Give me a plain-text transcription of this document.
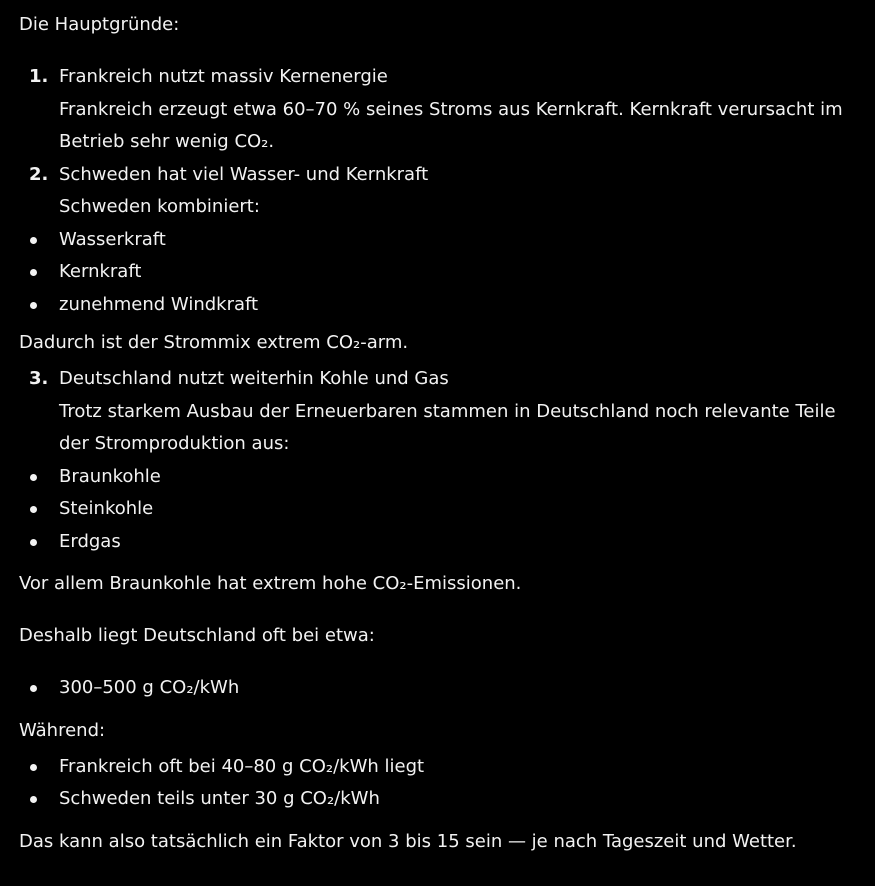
Die Hauptgründe:

1. Frankreich nutzt massiv Kernenergie
Frankreich erzeugt etwa 60–70 % seines Stroms aus Kernkraft. Kernkraft verursacht im Betrieb sehr wenig CO₂.
2. Schweden hat viel Wasser- und Kernkraft
Schweden kombiniert:
Wasserkraft
Kernkraft
zunehmend Windkraft

Dadurch ist der Strommix extrem CO₂-arm.

3. Deutschland nutzt weiterhin Kohle und Gas
Trotz starkem Ausbau der Erneuerbaren stammen in Deutschland noch relevante Teile der Stromproduktion aus:
Braunkohle
Steinkohle
Erdgas

Vor allem Braunkohle hat extrem hohe CO₂-Emissionen.

Deshalb liegt Deutschland oft bei etwa:

300–500 g CO₂/kWh

Während:

Frankreich oft bei 40–80 g CO₂/kWh liegt
Schweden teils unter 30 g CO₂/kWh

Das kann also tatsächlich ein Faktor von 3 bis 15 sein — je nach Tageszeit und Wetter.
